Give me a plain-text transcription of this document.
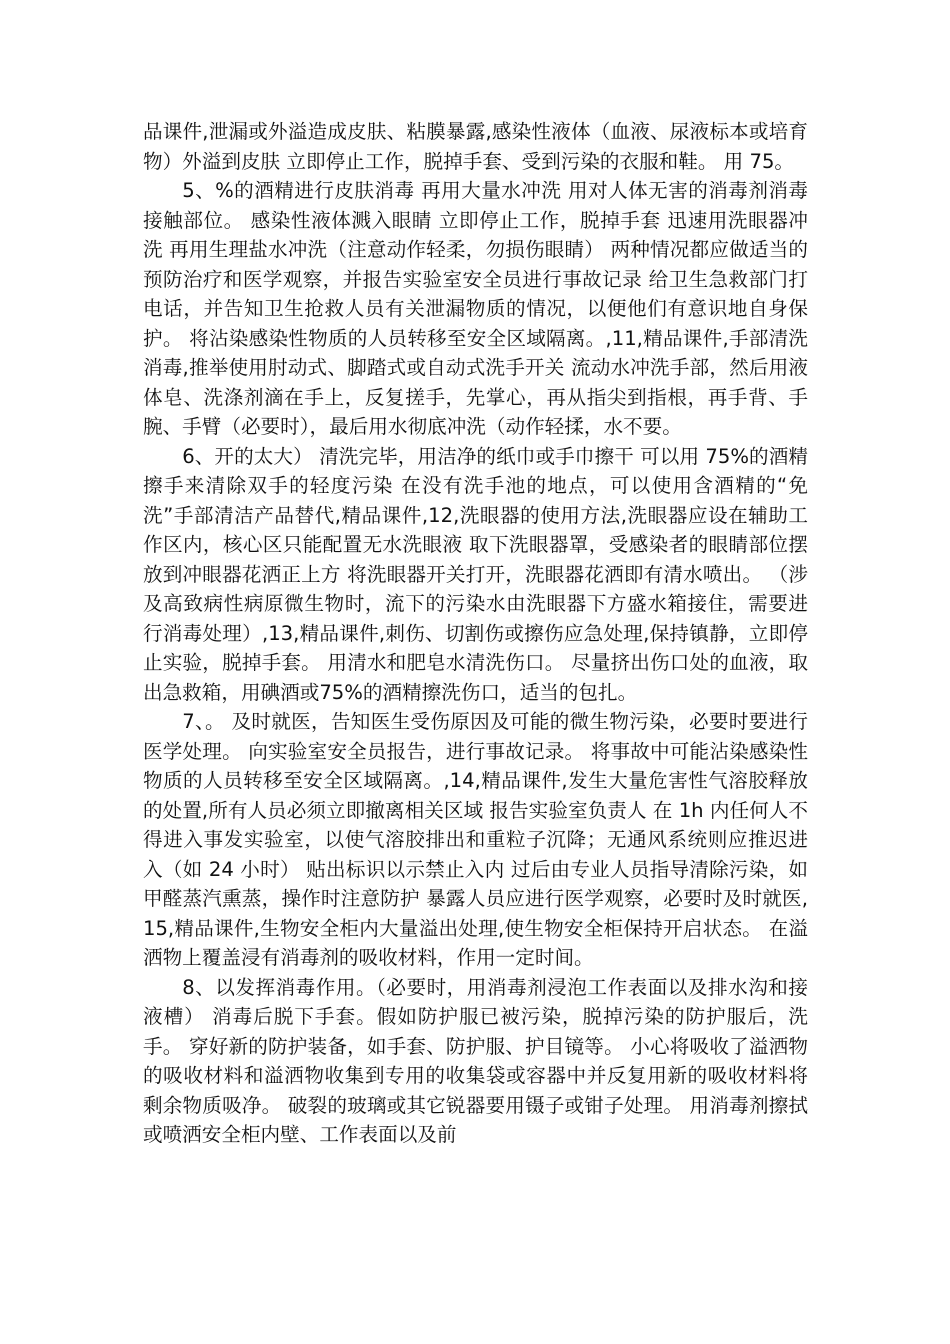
品课件,泄漏或外溢造成皮肤、粘膜暴露,感染性液体（血液、尿液标本或培育物）外溢到皮肤 立即停止工作，脱掉手套、受到污染的衣服和鞋。 用 75。

5、%的酒精进行皮肤消毒 再用大量水冲洗 用对人体无害的消毒剂消毒接触部位。 感染性液体溅入眼睛 立即停止工作，脱掉手套 迅速用洗眼器冲洗 再用生理盐水冲洗（注意动作轻柔，勿损伤眼睛） 两种情况都应做适当的预防治疗和医学观察，并报告实验室安全员进行事故记录 给卫生急救部门打电话，并告知卫生抢救人员有关泄漏物质的情况，以便他们有意识地自身保护。 将沾染感染性物质的人员转移至安全区域隔离。,11,精品课件,手部清洗消毒,推举使用肘动式、脚踏式或自动式洗手开关 流动水冲洗手部，然后用液体皂、洗涤剂滴在手上，反复搓手，先掌心，再从指尖到指根，再手背、手腕、手臂（必要时），最后用水彻底冲洗（动作轻揉，水不要。

6、开的太大） 清洗完毕，用洁净的纸巾或手巾擦干 可以用 75%的酒精擦手来清除双手的轻度污染 在没有洗手池的地点，可以使用含酒精的“免洗”手部清洁产品替代,精品课件,12,洗眼器的使用方法,洗眼器应设在辅助工作区内，核心区只能配置无水洗眼液 取下洗眼器罩，受感染者的眼睛部位摆放到冲眼器花洒正上方 将洗眼器开关打开，洗眼器花洒即有清水喷出。 （涉及高致病性病原微生物时，流下的污染水由洗眼器下方盛水箱接住，需要进行消毒处理）,13,精品课件,刺伤、切割伤或擦伤应急处理,保持镇静，立即停止实验，脱掉手套。 用清水和肥皂水清洗伤口。 尽量挤出伤口处的血液，取出急救箱，用碘酒或75%的酒精擦洗伤口，适当的包扎。

7、。 及时就医，告知医生受伤原因及可能的微生物污染，必要时要进行医学处理。 向实验室安全员报告，进行事故记录。 将事故中可能沾染感染性物质的人员转移至安全区域隔离。,14,精品课件,发生大量危害性气溶胶释放的处置,所有人员必须立即撤离相关区域 报告实验室负责人 在 1h 内任何人不得进入事发实验室，以使气溶胶排出和重粒子沉降；无通风系统则应推迟进入（如 24 小时） 贴出标识以示禁止入内 过后由专业人员指导清除污染，如甲醛蒸汽熏蒸，操作时注意防护 暴露人员应进行医学观察，必要时及时就医,15,精品课件,生物安全柜内大量溢出处理,使生物安全柜保持开启状态。 在溢洒物上覆盖浸有消毒剂的吸收材料，作用一定时间。

8、以发挥消毒作用。（必要时，用消毒剂浸泡工作表面以及排水沟和接液槽） 消毒后脱下手套。假如防护服已被污染，脱掉污染的防护服后，洗手。 穿好新的防护装备，如手套、防护服、护目镜等。 小心将吸收了溢洒物的吸收材料和溢洒物收集到专用的收集袋或容器中并反复用新的吸收材料将剩余物质吸净。 破裂的玻璃或其它锐器要用镊子或钳子处理。 用消毒剂擦拭或喷洒安全柜内壁、工作表面以及前
